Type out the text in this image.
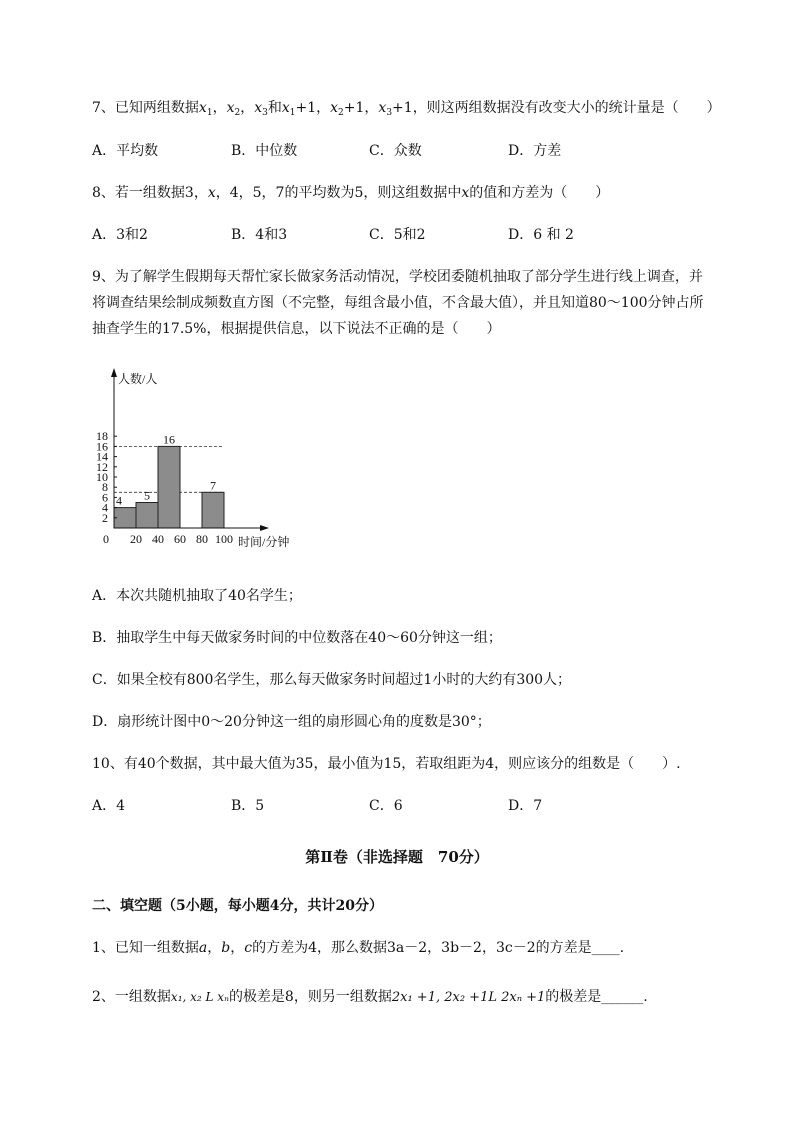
7、已知两组数据$x_1$，$x_2$，$x_3$和$x_1+1$，$x_2+1$，$x_3+1$，则这两组数据没有改变大小的统计量是（　　）
A．平均数	B．中位数	C．众数	D．方差
8、若一组数据3，x，4，5，7的平均数为5，则这组数据中x的值和方差为（　　）
A．3和2	B．4和3	C．5和2	D．6 和 2
9、为了解学生假期每天帮忙家长做家务活动情况，学校团委随机抽取了部分学生进行线上调查，并
将调查结果绘制成频数直方图（不完整，每组含最小值，不含最大值），并且知道80～100分钟占所
抽查学生的17.5%，根据提供信息，以下说法不正确的是（　　）
4 5
16
7
2
4
6
8
10
12
14
16
18
0 20 40 60 80 100
人数/人
时间/分钟
A．本次共随机抽取了40名学生；
B．抽取学生中每天做家务时间的中位数落在40～60分钟这一组；
C．如果全校有800名学生，那么每天做家务时间超过1小时的大约有300人；
D．扇形统计图中0～20分钟这一组的扇形圆心角的度数是30°；
10、有40个数据，其中最大值为35，最小值为15，若取组距为4，则应该分的组数是（　　）.
A．4	B．5	C．6	D．7
第Ⅱ卷（非选择题　70分）
二、填空题（5小题，每小题4分，共计20分）
1、已知一组数据a，b，c的方差为4，那么数据3a－2，3b－2，3c－2的方差是____.
2、一组数据x₁, x₂ L xₙ的极差是8，则另一组数据2x₁ +1, 2x₂ +1L 2xₙ +1的极差是______.
